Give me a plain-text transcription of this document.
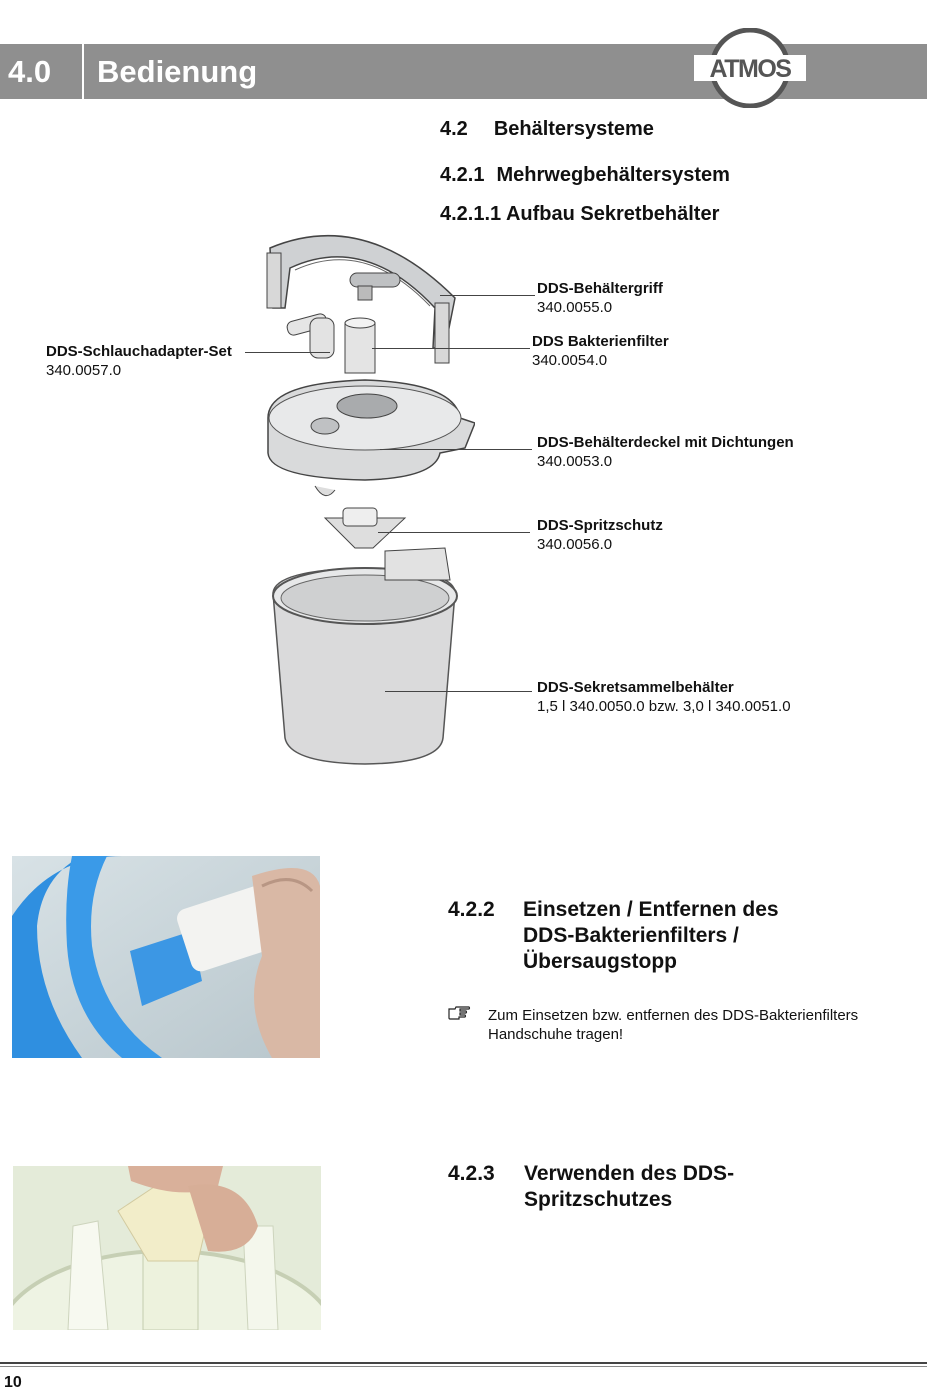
4.0	Bedienung	ATMOS
4.2 Behältersysteme
4.2.1 Mehrwegbehältersystem
4.2.1.1 Aufbau Sekretbehälter
DDS-Behältergriff
340.0055.0
DDS Bakterienfilter
340.0054.0
DDS-Schlauchadapter-Set
340.0057.0
DDS-Behälterdeckel mit Dichtungen
340.0053.0
DDS-Spritzschutz
340.0056.0
DDS-Sekretsammelbehälter
1,5 l 340.0050.0 bzw. 3,0 l 340.0051.0
4.2.2 Einsetzen / Entfernen des
DDS-Bakterienfilters /
Übersaugstopp
Zum Einsetzen bzw. entfernen des DDS-Bakterienfilters
Handschuhe tragen!
4.2.3 Verwenden des DDS-
Spritzschutzes
10
